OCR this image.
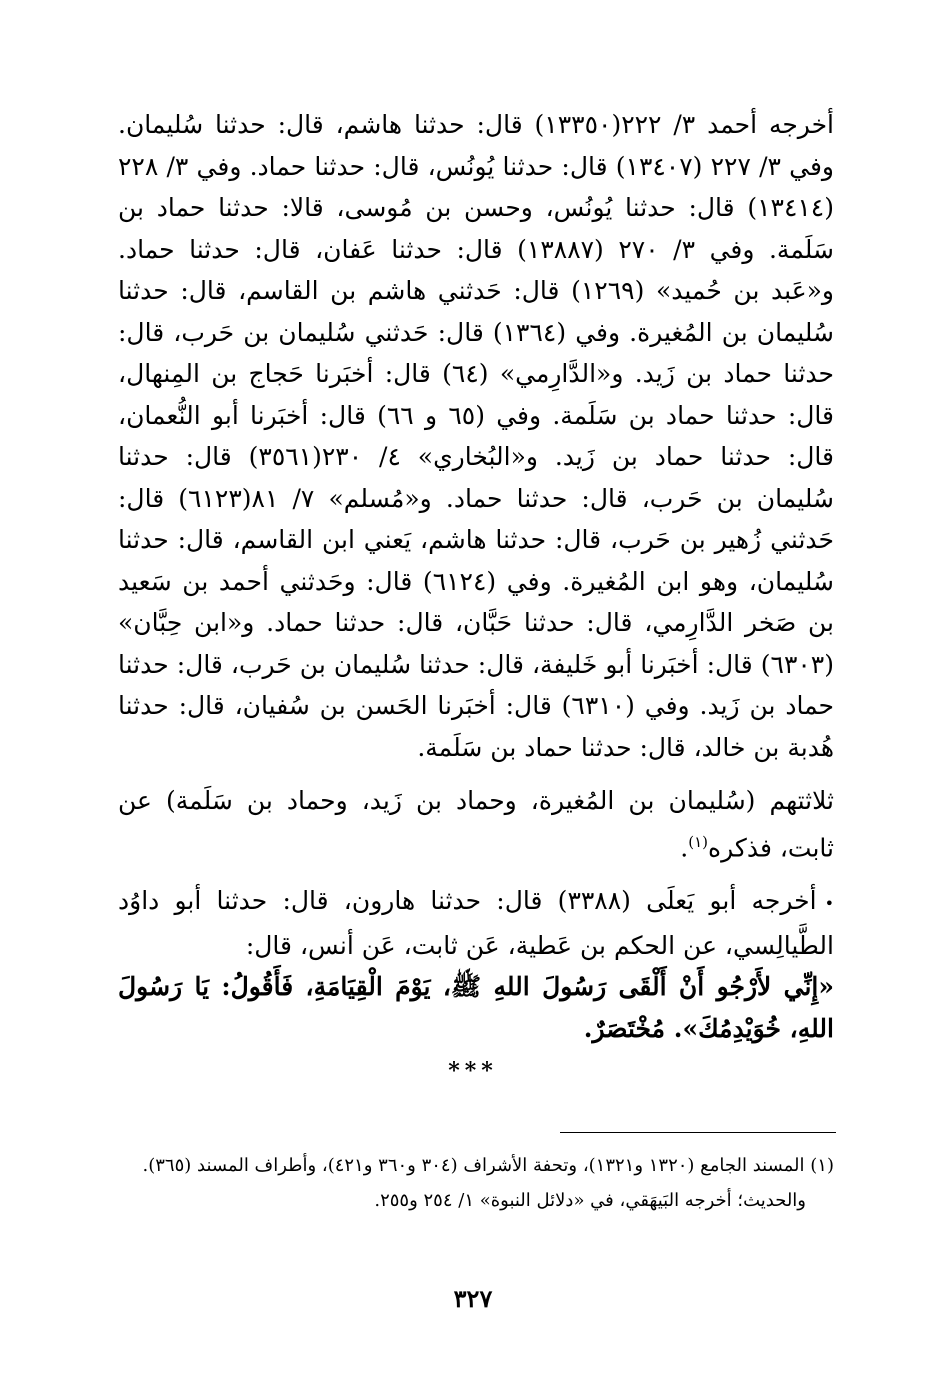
أخرجه أحمد ٣/ ٢٢٢(١٣٣٥٠) قال: حدثنا هاشم، قال: حدثنا سُليمان. وفي ٣/ ٢٢٧ (١٣٤٠٧) قال: حدثنا يُونُس، قال: حدثنا حماد. وفي ٣/ ٢٢٨ (١٣٤١٤) قال: حدثنا يُونُس، وحسن بن مُوسى، قالا: حدثنا حماد بن سَلَمة. وفي ٣/ ٢٧٠ (١٣٨٨٧) قال: حدثنا عَفان، قال: حدثنا حماد. و«عَبد بن حُميد» (١٢٦٩) قال: حَدثني هاشم بن القاسم، قال: حدثنا سُليمان بن المُغيرة. وفي (١٣٦٤) قال: حَدثني سُليمان بن حَرب، قال: حدثنا حماد بن زَيد. و«الدَّارِمي» (٦٤) قال: أخبَرنا حَجاج بن المِنهال، قال: حدثنا حماد بن سَلَمة. وفي (٦٥ و ٦٦) قال: أخبَرنا أبو النُّعمان، قال: حدثنا حماد بن زَيد. و«البُخاري» ٤/ ٢٣٠(٣٥٦١) قال: حدثنا سُليمان بن حَرب، قال: حدثنا حماد. و«مُسلم» ٧/ ٨١(٦١٢٣) قال: حَدثني زُهير بن حَرب، قال: حدثنا هاشم، يَعني ابن القاسم، قال: حدثنا سُليمان، وهو ابن المُغيرة. وفي (٦١٢٤) قال: وحَدثني أحمد بن سَعيد بن صَخر الدَّارِمي، قال: حدثنا حَبَّان، قال: حدثنا حماد. و«ابن حِبَّان» (٦٣٠٣) قال: أخبَرنا أبو خَليفة، قال: حدثنا سُليمان بن حَرب، قال: حدثنا حماد بن زَيد. وفي (٦٣١٠) قال: أخبَرنا الحَسن بن سُفيان، قال: حدثنا هُدبة بن خالد، قال: حدثنا حماد بن سَلَمة.

ثلاثتهم (سُليمان بن المُغيرة، وحماد بن زَيد، وحماد بن سَلَمة) عن ثابت، فذكره$^{(١)}$.

•أخرجه أبو يَعلَى (٣٣٨٨) قال: حدثنا هارون، قال: حدثنا أبو داوُد الطَّيالِسي، عن الحكم بن عَطية، عَن ثابت، عَن أنس، قال:

«إِنِّي لأَرْجُو أَنْ أَلْقَى رَسُولَ اللهِ ﷺ، يَوْمَ الْقِيَامَةِ، فَأَقُولُ: يَا رَسُولَ اللهِ، خُوَيْدِمُكَ». مُخْتَصَرٌ.

***

(١) المسند الجامع (١٣٢٠ و١٣٢١)، وتحفة الأشراف (٣٠٤ و٣٦٠ و٤٢١)، وأطراف المسند (٣٦٥).

والحديث؛ أخرجه البَيهَقي، في «دلائل النبوة» ١/ ٢٥٤ و٢٥٥.

٣٢٧
